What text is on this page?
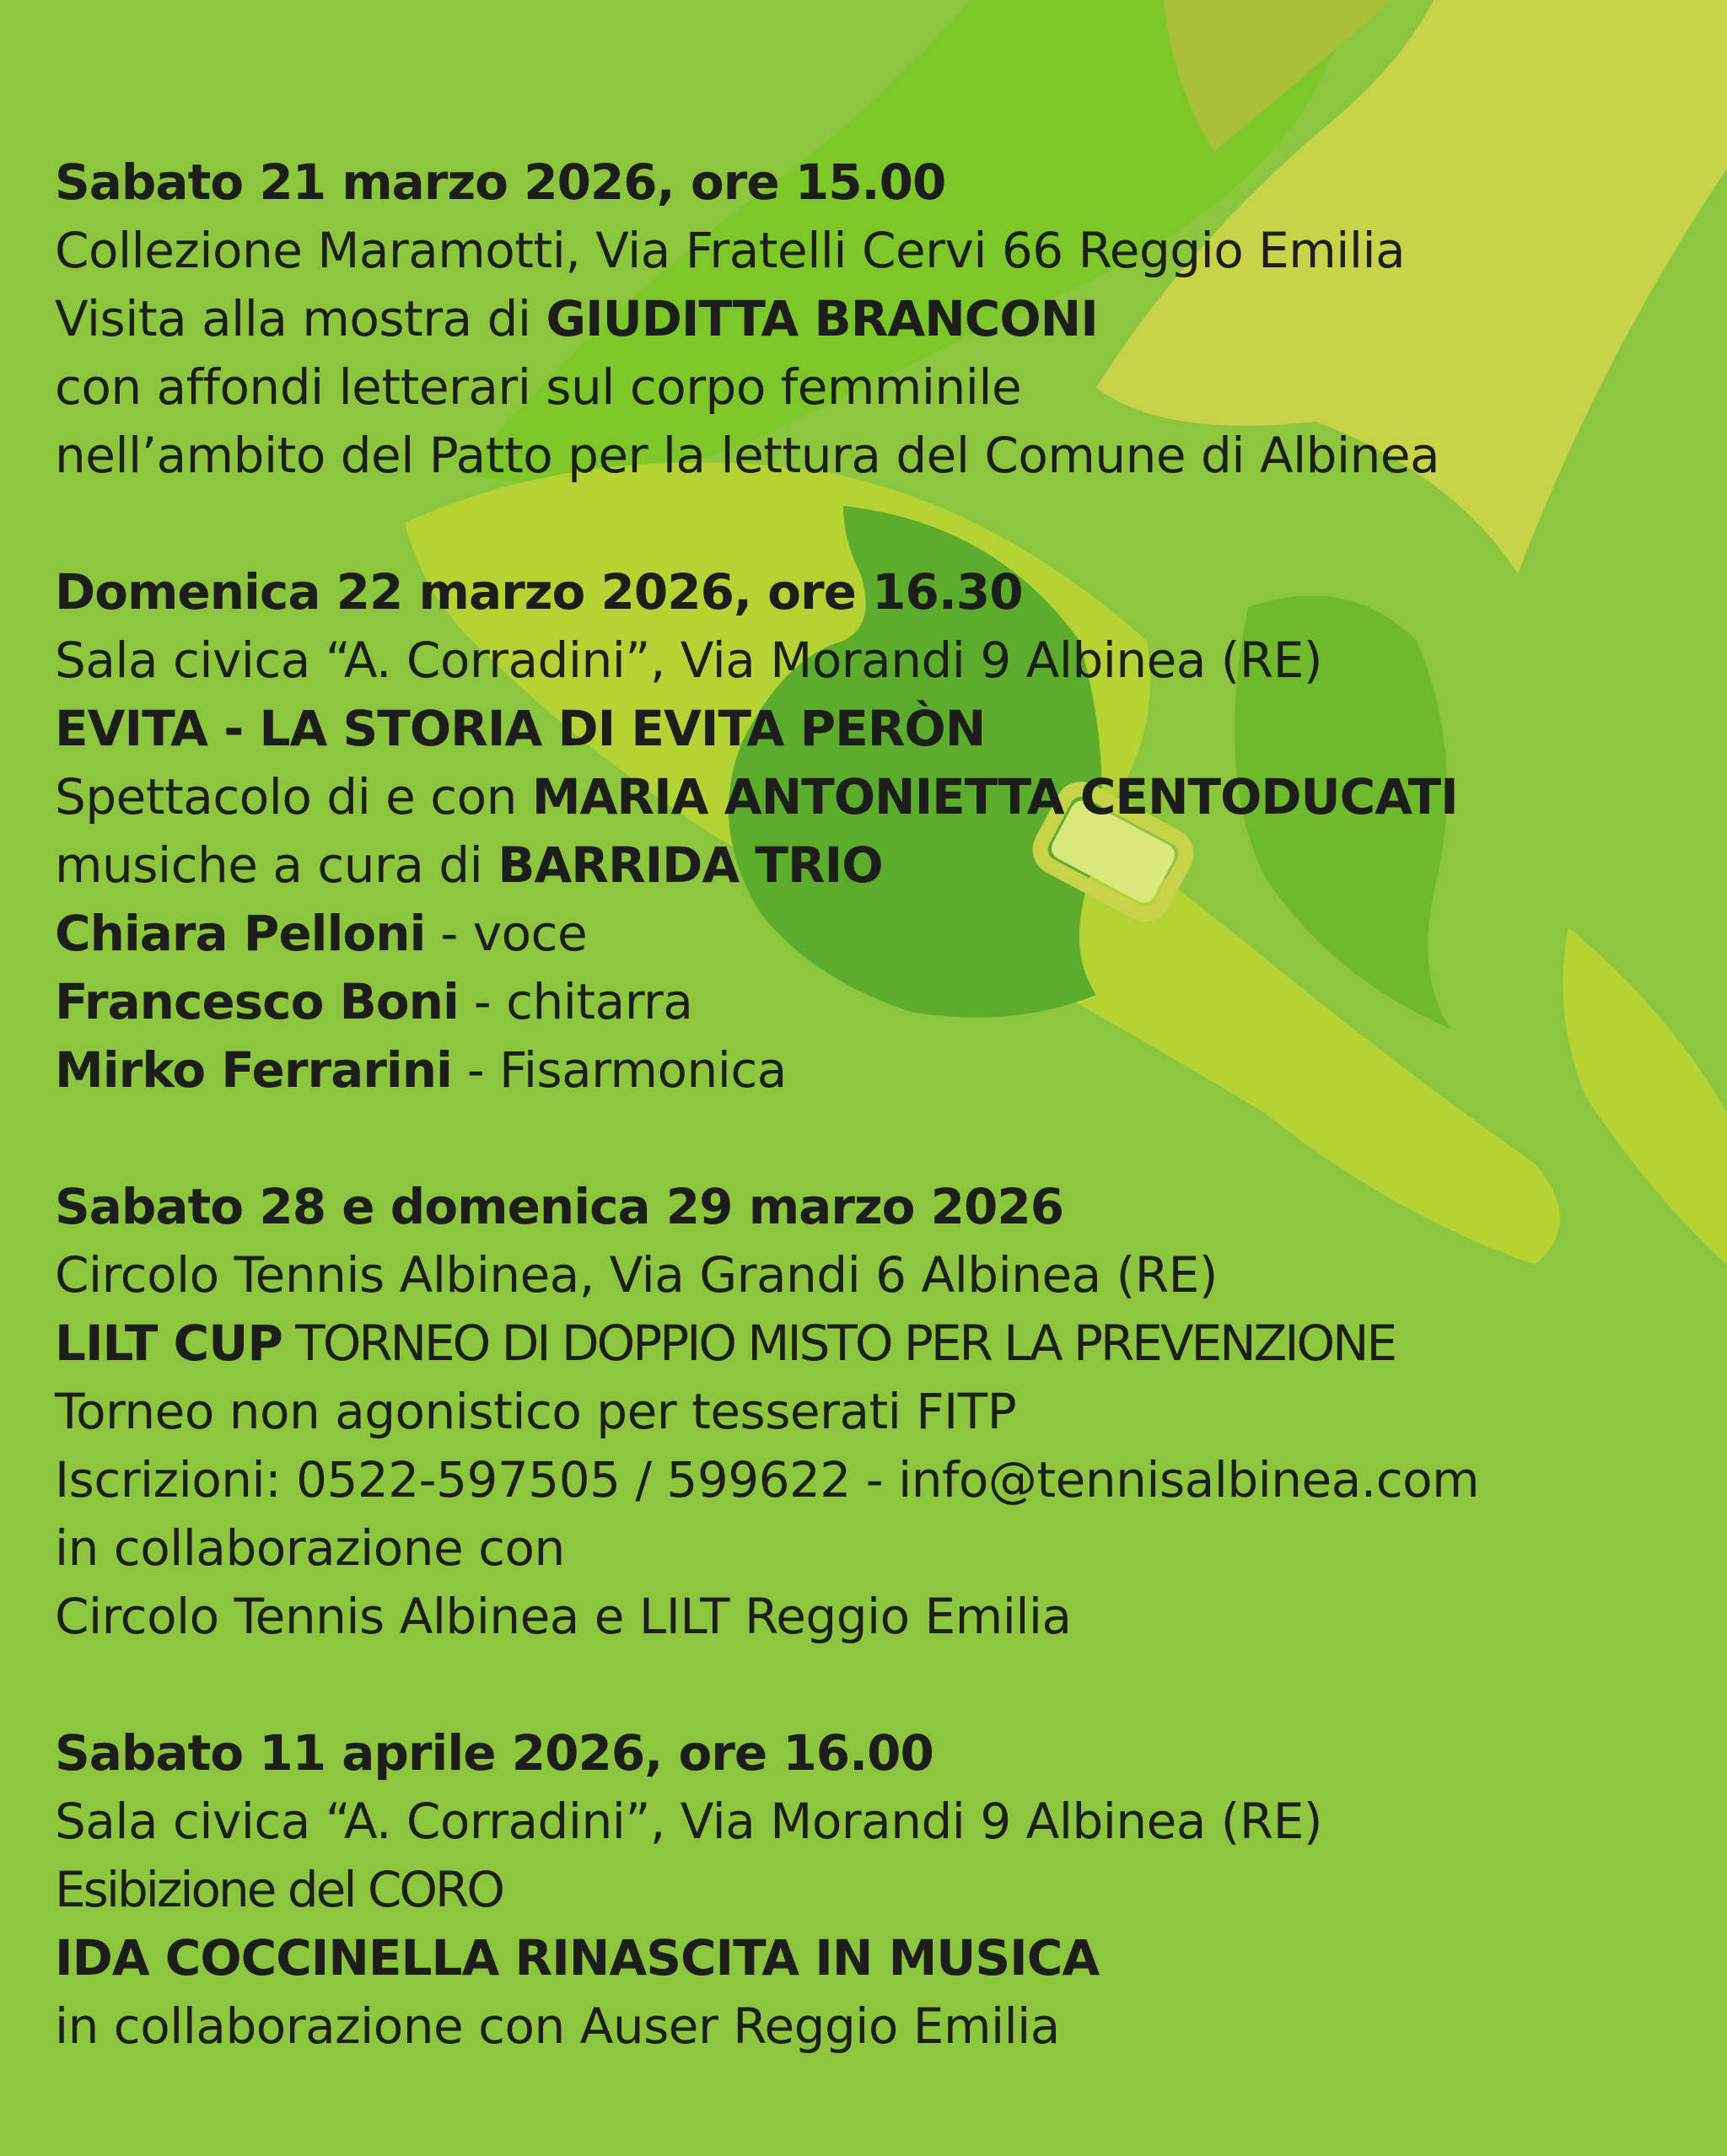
Sabato 21 marzo 2026, ore 15.00
Collezione Maramotti, Via Fratelli Cervi 66 Reggio Emilia
Visita alla mostra di GIUDITTA BRANCONI
con affondi letterari sul corpo femminile
nell’ambito del Patto per la lettura del Comune di Albinea
Domenica 22 marzo 2026, ore 16.30
Sala civica “A. Corradini”, Via Morandi 9 Albinea (RE)
EVITA - LA STORIA DI EVITA PERÒN
Spettacolo di e con MARIA ANTONIETTA CENTODUCATI
musiche a cura di BARRIDA TRIO
Chiara Pelloni - voce
Francesco Boni - chitarra
Mirko Ferrarini - Fisarmonica
Sabato 28 e domenica 29 marzo 2026
Circolo Tennis Albinea, Via Grandi 6 Albinea (RE)
LILT CUP TORNEO DI DOPPIO MISTO PER LA PREVENZIONE
Torneo non agonistico per tesserati FITP
Iscrizioni: 0522-597505 / 599622 - info@tennisalbinea.com
in collaborazione con
Circolo Tennis Albinea e LILT Reggio Emilia
Sabato 11 aprile 2026, ore 16.00
Sala civica “A. Corradini”, Via Morandi 9 Albinea (RE)
Esibizione del CORO
IDA COCCINELLA RINASCITA IN MUSICA
in collaborazione con Auser Reggio Emilia
